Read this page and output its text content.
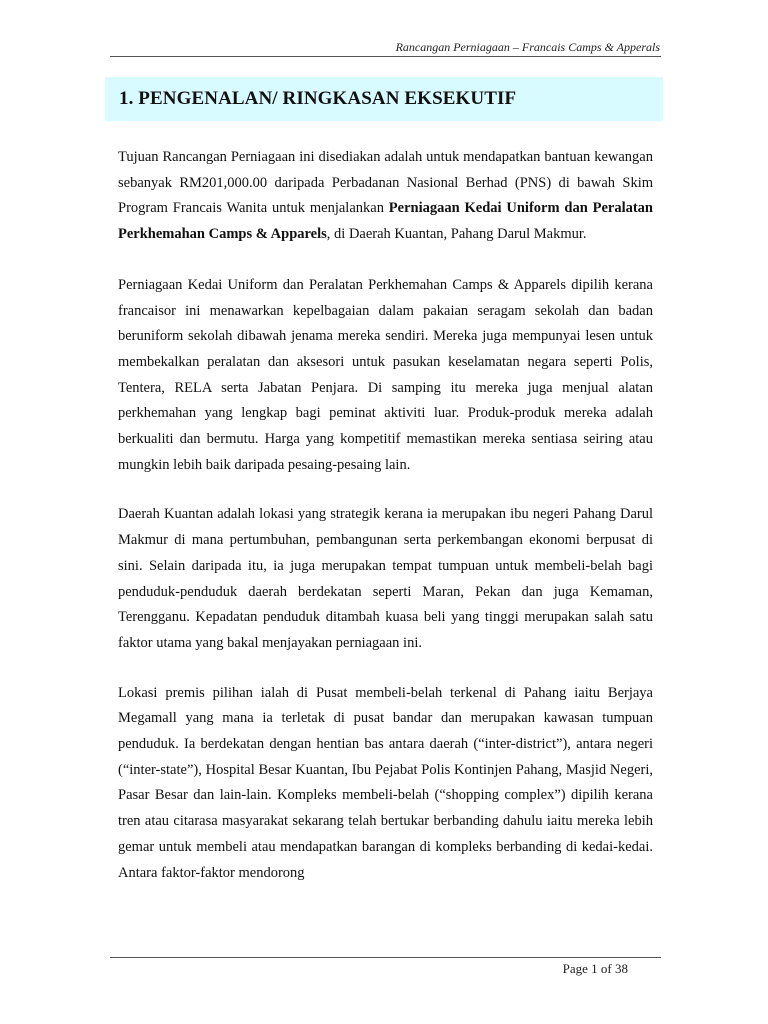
Rancangan Perniagaan – Francais Camps & Apperals
1. PENGENALAN/ RINGKASAN EKSEKUTIF

Tujuan Rancangan Perniagaan ini disediakan adalah untuk mendapatkan bantuan kewangan sebanyak RM201,000.00 daripada Perbadanan Nasional Berhad (PNS) di bawah Skim Program Francais Wanita untuk menjalankan Perniagaan Kedai Uniform dan Peralatan Perkhemahan Camps & Apparels, di Daerah Kuantan, Pahang Darul Makmur.

Perniagaan Kedai Uniform dan Peralatan Perkhemahan Camps & Apparels dipilih kerana francaisor ini menawarkan kepelbagaian dalam pakaian seragam sekolah dan badan beruniform sekolah dibawah jenama mereka sendiri. Mereka juga mempunyai lesen untuk membekalkan peralatan dan aksesori untuk pasukan keselamatan negara seperti Polis, Tentera, RELA serta Jabatan Penjara. Di samping itu mereka juga menjual alatan perkhemahan yang lengkap bagi peminat aktiviti luar. Produk-produk mereka adalah berkualiti dan bermutu. Harga yang kompetitif memastikan mereka sentiasa seiring atau mungkin lebih baik daripada pesaing-pesaing lain.

Daerah Kuantan adalah lokasi yang strategik kerana ia merupakan ibu negeri Pahang Darul Makmur di mana pertumbuhan, pembangunan serta perkembangan ekonomi berpusat di sini. Selain daripada itu, ia juga merupakan tempat tumpuan untuk membeli-belah bagi penduduk-penduduk daerah berdekatan seperti Maran, Pekan dan juga Kemaman, Terengganu. Kepadatan penduduk ditambah kuasa beli yang tinggi merupakan salah satu faktor utama yang bakal menjayakan perniagaan ini.

Lokasi premis pilihan ialah di Pusat membeli-belah terkenal di Pahang iaitu Berjaya Megamall yang mana ia terletak di pusat bandar dan merupakan kawasan tumpuan penduduk. Ia berdekatan dengan hentian bas antara daerah (“inter-district”), antara negeri (“inter-state”), Hospital Besar Kuantan, Ibu Pejabat Polis Kontinjen Pahang, Masjid Negeri, Pasar Besar dan lain-lain. Kompleks membeli-belah (“shopping complex”) dipilih kerana tren atau citarasa masyarakat sekarang telah bertukar berbanding dahulu iaitu mereka lebih gemar untuk membeli atau mendapatkan barangan di kompleks berbanding di kedai-kedai. Antara faktor-faktor mendorong

Page 1 of 38
